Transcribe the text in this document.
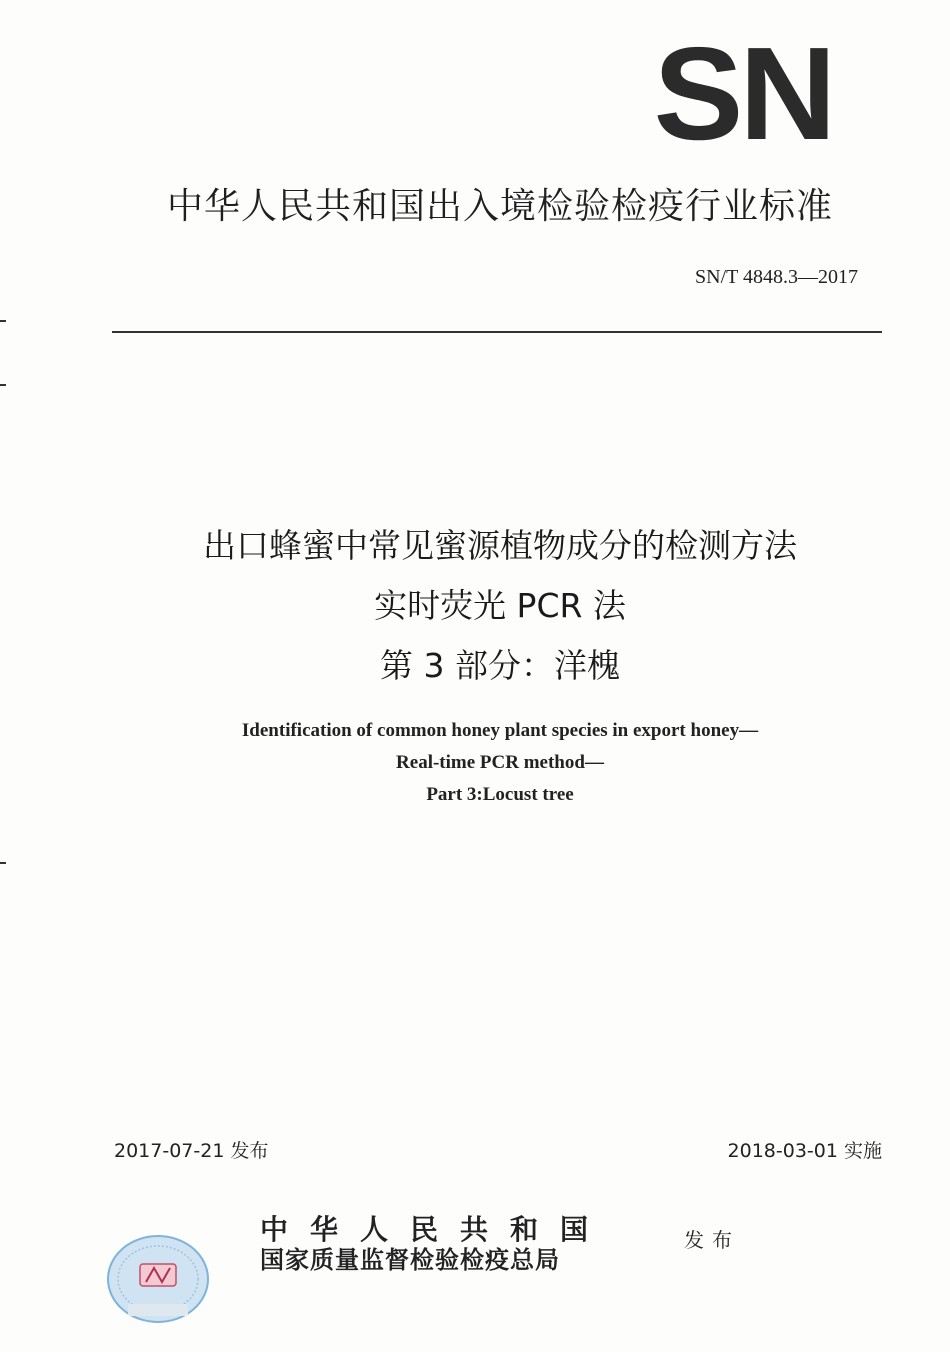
SN
中华人民共和国出入境检验检疫行业标准
SN/T 4848.3—2017
出口蜂蜜中常见蜜源植物成分的检测方法
实时荧光 PCR 法
第 3 部分：洋槐
Identification of common honey plant species in export honey—
Real-time PCR method—
Part 3:Locust tree
2017-07-21 发布	2018-03-01 实施
中华人民共和国
国家质量监督检验检疫总局
发布
